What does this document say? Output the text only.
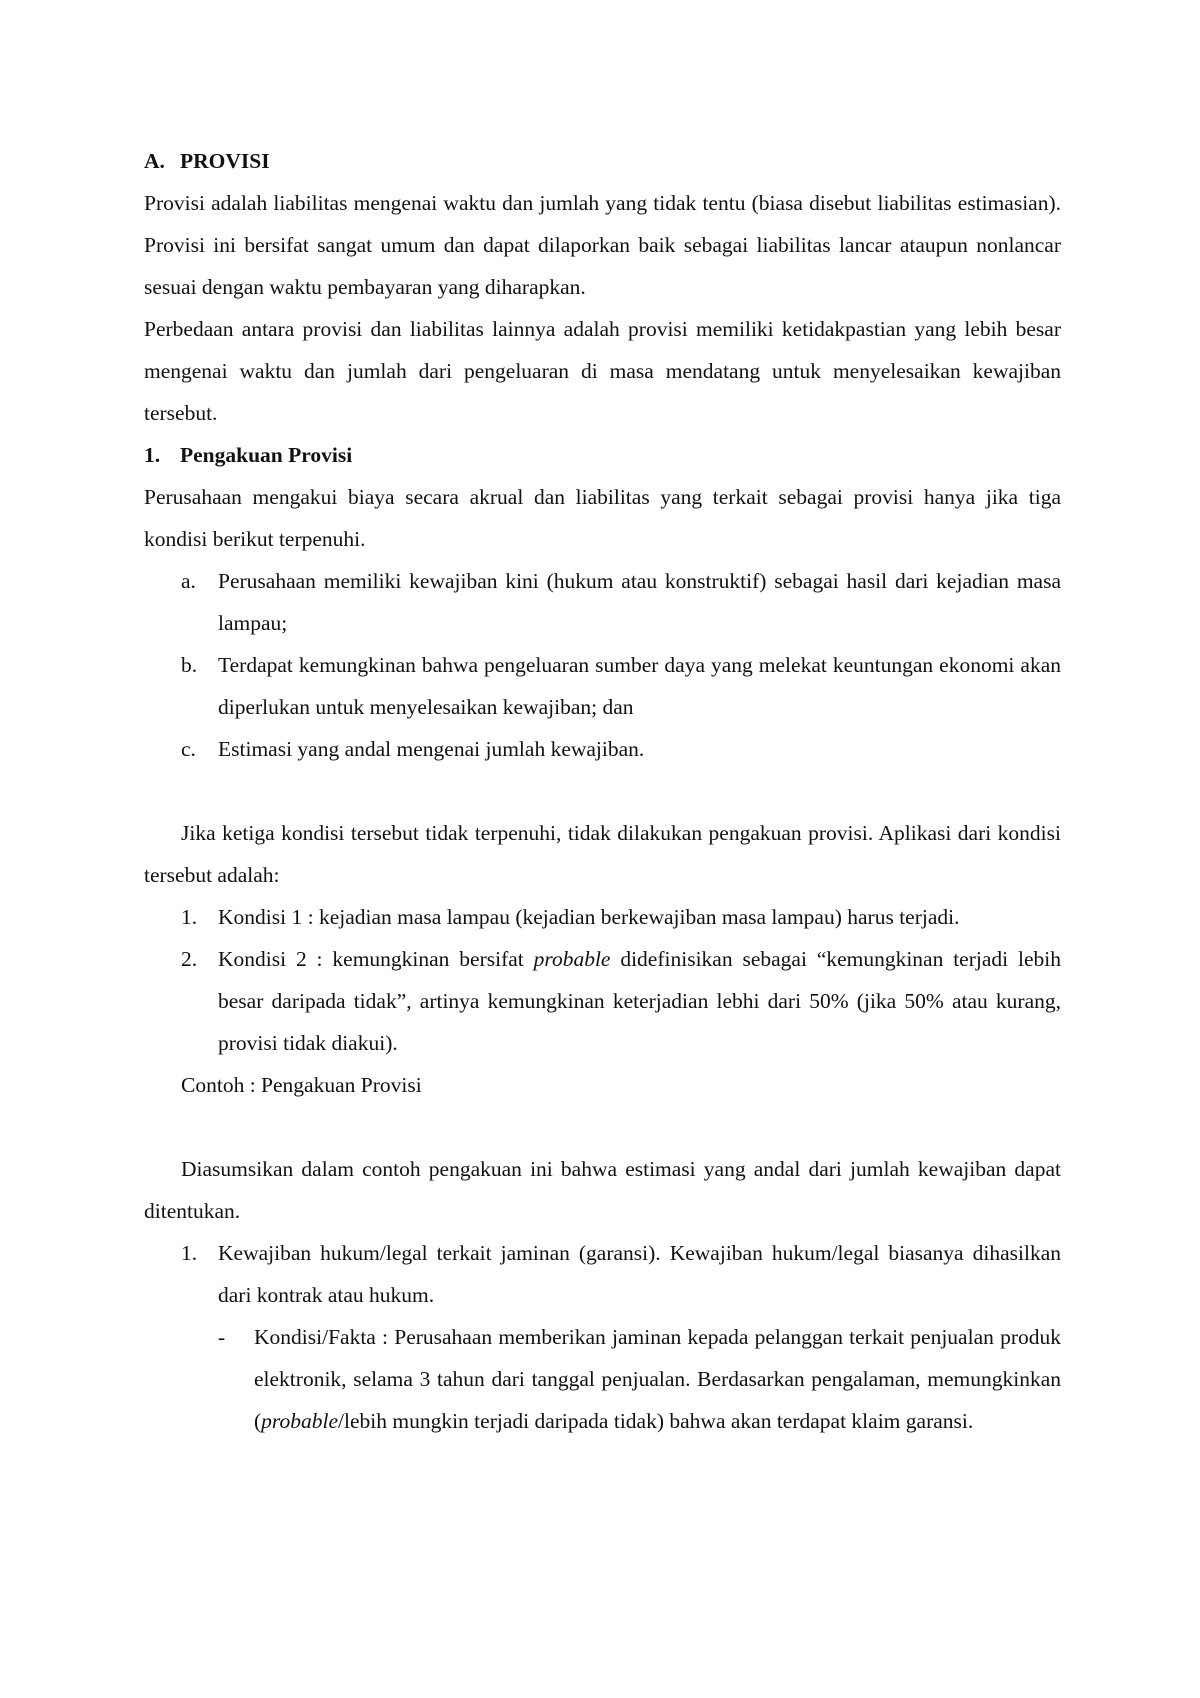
A. PROVISI

Provisi adalah liabilitas mengenai waktu dan jumlah yang tidak tentu (biasa disebut liabilitas estimasian). Provisi ini bersifat sangat umum dan dapat dilaporkan baik sebagai liabilitas lancar ataupun nonlancar sesuai dengan waktu pembayaran yang diharapkan.

Perbedaan antara provisi dan liabilitas lainnya adalah provisi memiliki ketidakpastian yang lebih besar mengenai waktu dan jumlah dari pengeluaran di masa mendatang untuk menyelesaikan kewajiban tersebut.

1. Pengakuan Provisi

Perusahaan mengakui biaya secara akrual dan liabilitas yang terkait sebagai provisi hanya jika tiga kondisi berikut terpenuhi.

a.	Perusahaan memiliki kewajiban kini (hukum atau konstruktif) sebagai hasil dari kejadian masa lampau;
b. Terdapat kemungkinan bahwa pengeluaran sumber daya yang melekat keuntungan ekonomi akan diperlukan untuk menyelesaikan kewajiban; dan
c.	Estimasi yang andal mengenai jumlah kewajiban.

Jika ketiga kondisi tersebut tidak terpenuhi, tidak dilakukan pengakuan provisi. Aplikasi dari kondisi tersebut adalah:

1. Kondisi 1 : kejadian masa lampau (kejadian berkewajiban masa lampau) harus terjadi.
2. Kondisi 2 : kemungkinan bersifat probable didefinisikan sebagai “kemungkinan terjadi lebih besar daripada tidak”, artinya kemungkinan keterjadian lebhi dari 50% (jika 50% atau kurang, provisi tidak diakui).

Contoh : Pengakuan Provisi

Diasumsikan dalam contoh pengakuan ini bahwa estimasi yang andal dari jumlah kewajiban dapat ditentukan.

1. Kewajiban hukum/legal terkait jaminan (garansi). Kewajiban hukum/legal biasanya dihasilkan dari kontrak atau hukum.
-	Kondisi/Fakta : Perusahaan memberikan jaminan kepada pelanggan terkait penjualan produk elektronik, selama 3 tahun dari tanggal penjualan. Berdasarkan pengalaman, memungkinkan (probable/lebih mungkin terjadi daripada tidak) bahwa akan terdapat klaim garansi.
